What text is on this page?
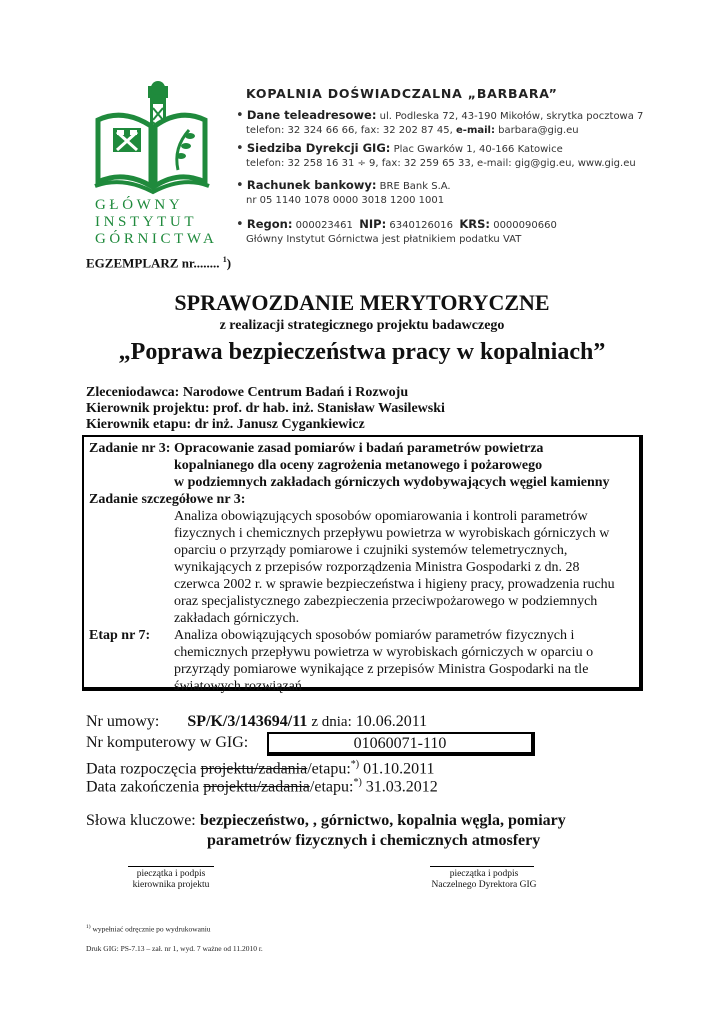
GŁÓWNY
INSTYTUT
GÓRNICTWA
KOPALNIA DOŚWIADCZALNA „BARBARA”
• Dane teleadresowe: ul. Podleska 72, 43-190 Mikołów, skrytka pocztowa 7
telefon: 32 324 66 66, fax: 32 202 87 45, e-mail: barbara@gig.eu
• Siedziba Dyrekcji GIG: Plac Gwarków 1, 40-166 Katowice
telefon: 32 258 16 31 ÷ 9, fax: 32 259 65 33, e-mail: gig@gig.eu, www.gig.eu
• Rachunek bankowy: BRE Bank S.A.
nr 05 1140 1078 0000 3018 1200 1001
• Regon: 000023461 NIP: 6340126016 KRS: 0000090660
Główny Instytut Górnictwa jest płatnikiem podatku VAT
EGZEMPLARZ nr........ $^1$)
SPRAWOZDANIE MERYTORYCZNE
z realizacji strategicznego projektu badawczego
„Poprawa bezpieczeństwa pracy w kopalniach”
Zleceniodawca: Narodowe Centrum Badań i Rozwoju
Kierownik projektu: prof. dr hab. inż. Stanisław Wasilewski
Kierownik etapu: dr inż. Janusz Cygankiewicz
Zadanie nr 3: Opracowanie zasad pomiarów i badań parametrów powietrza
kopalnianego dla oceny zagrożenia metanowego i pożarowego
w podziemnych zakładach górniczych wydobywających węgiel kamienny
Zadanie szczegółowe nr 3:
Analiza obowiązujących sposobów opomiarowania i kontroli parametrów
fizycznych i chemicznych przepływu powietrza w wyrobiskach górniczych w
oparciu o przyrządy pomiarowe i czujniki systemów telemetrycznych,
wynikających z przepisów rozporządzenia Ministra Gospodarki z dn. 28
czerwca 2002 r. w sprawie bezpieczeństwa i higieny pracy, prowadzenia ruchu
oraz specjalistycznego zabezpieczenia przeciwpożarowego w podziemnych
zakładach górniczych.
Etap nr 7: Analiza obowiązujących sposobów pomiarów parametrów fizycznych i
chemicznych przepływu powietrza w wyrobiskach górniczych w oparciu o
przyrządy pomiarowe wynikające z przepisów Ministra Gospodarki na tle
światowych rozwiązań
Nr umowy: SP/K/3/143694/11 z dnia: 10.06.2011
Nr komputerowy w GIG:	01060071-110
Data rozpoczęcia projektu/zadania/etapu:*) 01.10.2011
Data zakończenia projektu/zadania/etapu:*) 31.03.2012
Słowa kluczowe: bezpieczeństwo, , górnictwo, kopalnia węgla, pomiary
parametrów fizycznych i chemicznych atmosfery
pieczątka i podpis
kierownika projektu
pieczątka i podpis
Naczelnego Dyrektora GIG
$^{1)}$ wypełniać odręcznie po wydrukowaniu
Druk GIG: PS-7.13 – zał. nr 1, wyd. 7 ważne od 11.2010 r.
